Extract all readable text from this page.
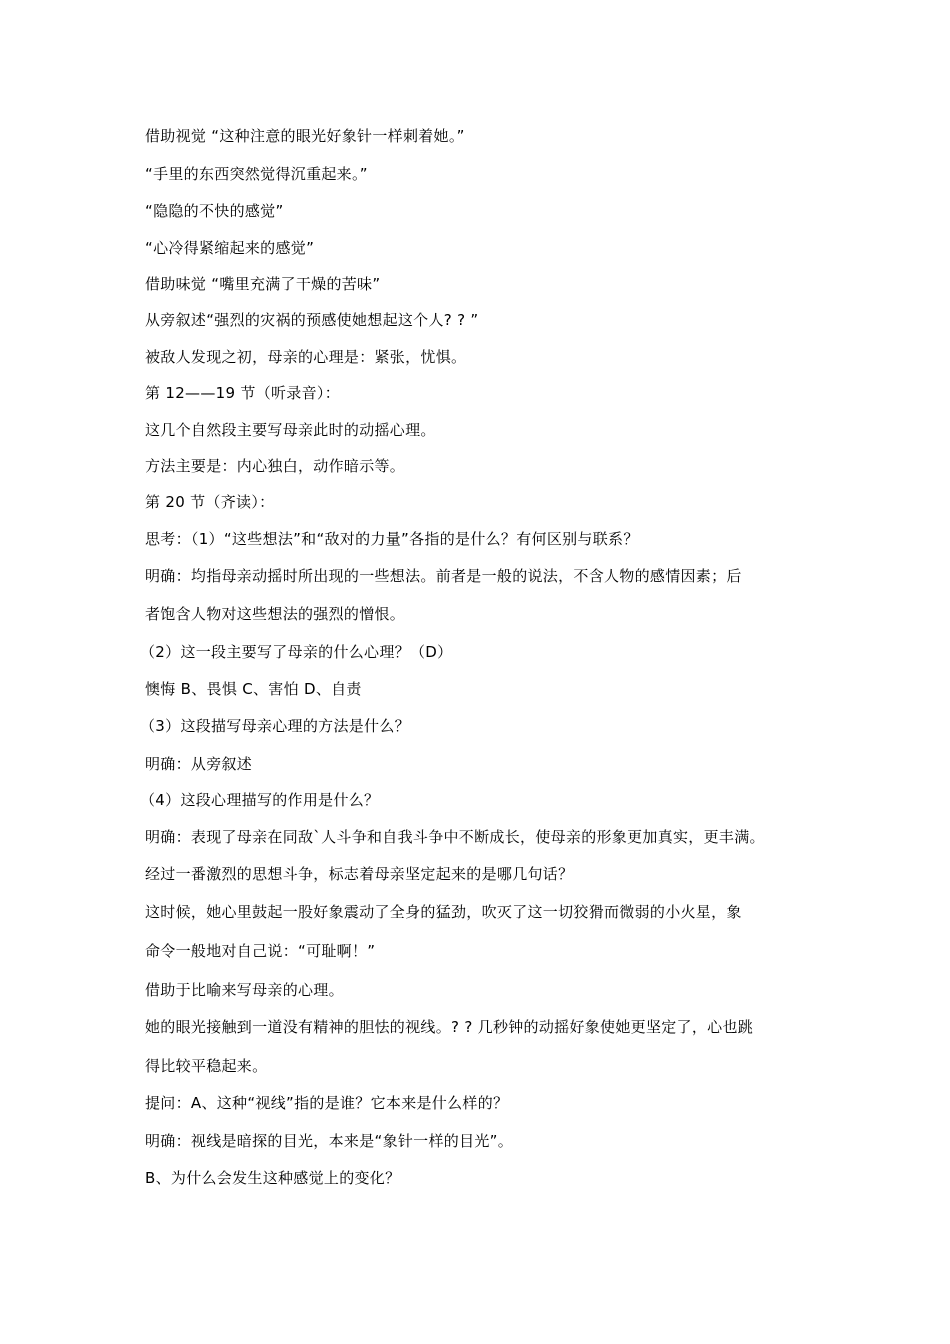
借助视觉 “这种注意的眼光好象针一样刺着她。”
“手里的东西突然觉得沉重起来。”
“隐隐的不快的感觉”
“心冷得紧缩起来的感觉”
借助味觉 “嘴里充满了干燥的苦味”
从旁叙述“强烈的灾祸的预感使她想起这个人? ? ”
被敌人发现之初，母亲的心理是：紧张，忧惧。
第 12——19 节（听录音）：
这几个自然段主要写母亲此时的动摇心理。
方法主要是：内心独白，动作暗示等。
第 20 节（齐读）：
思考：（1）“这些想法”和“敌对的力量”各指的是什么？有何区别与联系？
明确：均指母亲动摇时所出现的一些想法。前者是一般的说法，不含人物的感情因素；后
者饱含人物对这些想法的强烈的憎恨。
（2）这一段主要写了母亲的什么心理？（D）
懊悔 B、畏惧 C、害怕 D、自责
（3）这段描写母亲心理的方法是什么？
明确：从旁叙述
（4）这段心理描写的作用是什么？
明确：表现了母亲在同敌`人斗争和自我斗争中不断成长，使母亲的形象更加真实，更丰满。
经过一番激烈的思想斗争，标志着母亲坚定起来的是哪几句话？
这时候，她心里鼓起一股好象震动了全身的猛劲，吹灭了这一切狡猾而微弱的小火星，象
命令一般地对自己说：“可耻啊！”
借助于比喻来写母亲的心理。
她的眼光接触到一道没有精神的胆怯的视线。? ? 几秒钟的动摇好象使她更坚定了，心也跳
得比较平稳起来。
提问：A、这种“视线”指的是谁？它本来是什么样的？
明确：视线是暗探的目光，本来是“象针一样的目光”。
B、为什么会发生这种感觉上的变化？
